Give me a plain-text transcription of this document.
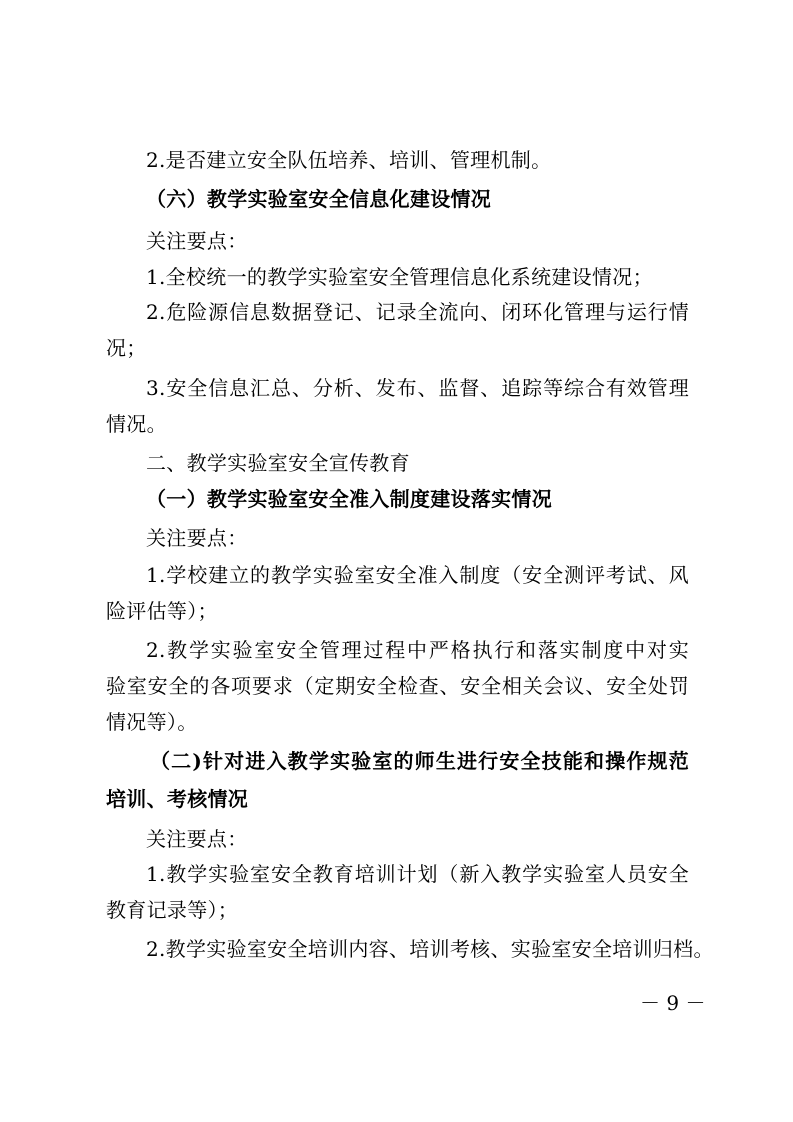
2.是否建立安全队伍培养、培训、管理机制。
（六）教学实验室安全信息化建设情况
关注要点：
1.全校统一的教学实验室安全管理信息化系统建设情况；
2.危险源信息数据登记、记录全流向、闭环化管理与运行情
况；
3.安全信息汇总、分析、发布、监督、追踪等综合有效管理
情况。
二、教学实验室安全宣传教育
（一）教学实验室安全准入制度建设落实情况
关注要点：
1.学校建立的教学实验室安全准入制度（安全测评考试、风
险评估等）；
2.教学实验室安全管理过程中严格执行和落实制度中对实
验室安全的各项要求（定期安全检查、安全相关会议、安全处罚
情况等）。
（二)针对进入教学实验室的师生进行安全技能和操作规范
培训、考核情况
关注要点：
1.教学实验室安全教育培训计划（新入教学实验室人员安全
教育记录等）；
2.教学实验室安全培训内容、培训考核、实验室安全培训归档。
－ 9 －
